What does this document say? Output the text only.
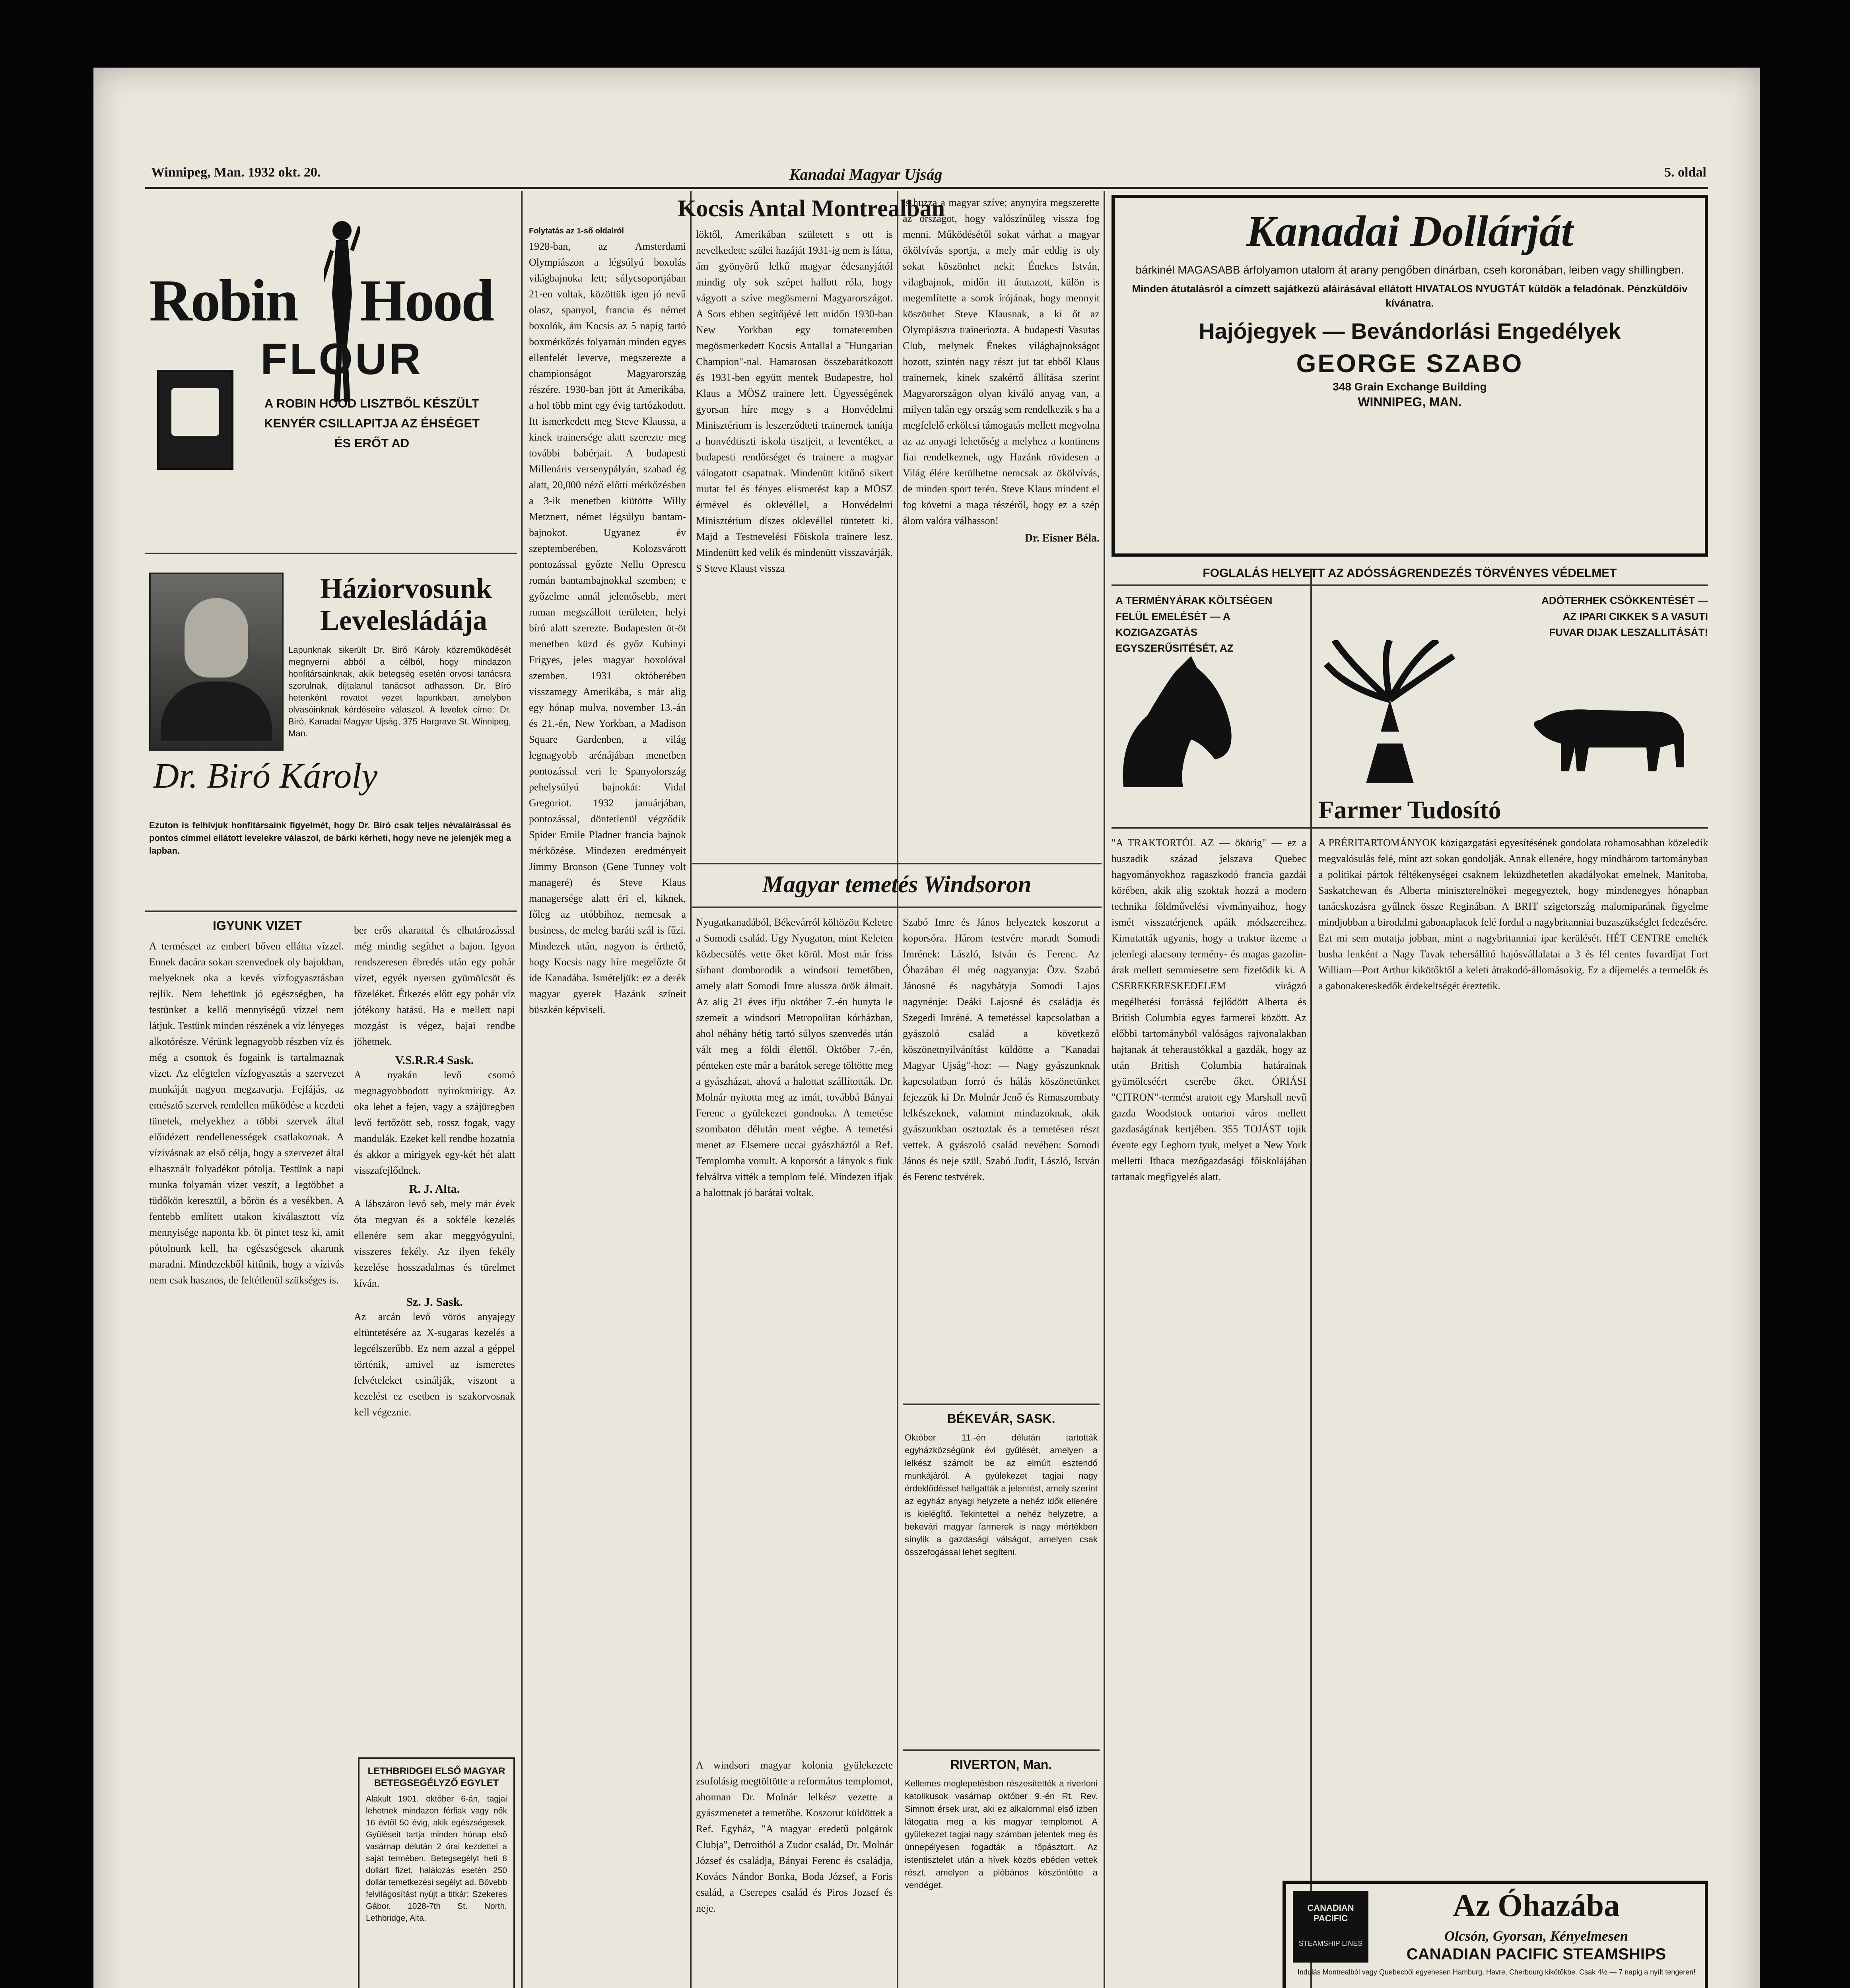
Winnipeg, Man. 1932 okt. 20.	Kanadai Magyar Ujság	5. oldal
Robin Hood
FLOUR
A ROBIN HOOD LISZTBŐL KÉSZÜLT
KENYÉR CSILLAPITJA AZ ÉHSÉGET
ÉS ERŐT AD
Háziorvosunk
Levelesládája

Lapunknak sikerült Dr. Biró Károly közreműködését megnyerni abból a célból, hogy mindazon honfitársainknak, akik betegség esetén orvosi tanácsra szorulnak, díjtalanul tanácsot adhasson. Dr. Bíró hetenként rovatot vezet lapunkban, amelyben olvasóinknak kérdéseire válaszol. A levelek címe: Dr. Biró, Kanadai Magyar Ujság, 375 Hargrave St. Winnipeg, Man.

Dr. Biró Károly

Ezuton is felhivjuk honfitársaink figyelmét, hogy Dr. Biró csak teljes névaláirással és pontos címmel ellátott levelekre válaszol, de bárki kérheti, hogy neve ne jelenjék meg a lapban.

IGYUNK VIZET

A természet az embert bőven ellátta vízzel. Ennek dacára sokan szenvednek oly bajokban, melyeknek oka a kevés vízfogyasztásban rejlik. Nem lehetünk jó egészségben, ha testünket a kellő mennyiségű vízzel nem látjuk. Testünk minden részének a víz lényeges alkotórésze. Vérünk legnagyobb részben víz és még a csontok és fogaink is tartalmaznak vizet. Az elégtelen vízfogyasztás a szervezet munkáját nagyon megzavarja. Fejfájás, az emésztő szervek rendellen működése a kezdeti tünetek, melyekhez a többi szervek által előidézett rendellenességek csatlakoznak. A vízivásnak az első célja, hogy a szervezet által elhasznált folyadékot pótolja. Testünk a napi munka folyamán vizet veszít, a legtöbbet a tüdőkön keresztül, a bőrön és a vesékben. A fentebb említett utakon kiválasztott víz mennyisége naponta kb. öt pintet tesz ki, amit pótolnunk kell, ha egészségesek akarunk maradni. Mindezekből kitűnik, hogy a vízivás nem csak hasznos, de feltétlenül szükséges is.

ber erős akarattal és elhatározással még mindig segíthet a bajon. Igyon rendszeresen ébredés után egy pohár vizet, egyék nyersen gyümölcsöt és főzeléket. Étkezés előtt egy pohár víz jótékony hatású. Ha e mellett napi mozgást is végez, bajai rendbe jöhetnek.

V.S.R.R.4 Sask.

A nyakán levő csomó megnagyobbodott nyirokmirigy. Az oka lehet a fejen, vagy a szájüregben levő fertőzött seb, rossz fogak, vagy mandulák. Ezeket kell rendbe hozatnia és akkor a mirigyek egy-két hét alatt visszafejlődnek.

R. J. Alta.

A lábszáron levő seb, mely már évek óta megvan és a sokféle kezelés ellenére sem akar meggyógyulni, visszeres fekély. Az ilyen fekély kezelése hosszadalmas és türelmet kíván.

Sz. J. Sask.

Az arcán levő vörös anyajegy eltüntetésére az X-sugaras kezelés a legcélszerűbb. Ez nem azzal a géppel történik, amivel az ismeretes felvételeket csinálják, viszont a kezelést ez esetben is szakorvosnak kell végeznie.

LETHBRIDGEI ELSŐ MAGYAR BETEGSEGÉLYZŐ EGYLET

Alakult 1901. október 6-án, tagjai lehetnek mindazon férfiak vagy nők 16 évtől 50 évig, akik egészségesek. Gyűléseit tartja minden hónap első vasárnap délután 2 órai kezdettel a saját termében. Betegsegélyt heti 8 dollárt fizet, halálozás esetén 250 dollár temetkezési segélyt ad. Bővebb felvilágosítást nyújt a titkár: Szekeres Gábor, 1028-7th St. North, Lethbridge, Alta.

Kocsis Antal Montrealban
Folytatás az 1-ső oldalról

1928-ban, az Amsterdami Olympiászon a légsúlyú boxolás világbajnoka lett; súlycsoportjában 21-en voltak, közöttük igen jó nevű olasz, spanyol, francia és német boxolók, ám Kocsis az 5 napig tartó boxmérkőzés folyamán minden egyes ellenfelét leverve, megszerezte a championságot Magyarország részére. 1930-ban jött át Amerikába, a hol több mint egy évig tartózkodott. Itt ismerkedett meg Steve Klaussa, a kinek trainersége alatt szerezte meg további babérjait. A budapesti Millenáris versenypályán, szabad ég alatt, 20,000 néző előtti mérkőzésben a 3-ik menetben kiütötte Willy Metznert, német légsúlyu bantam-bajnokot. Ugyanez év szeptemberében, Kolozsvárott pontozással győzte Nellu Oprescu román bantambajnokkal szemben; e győzelme annál jelentősebb, mert ruman megszállott területen, helyi bíró alatt szerezte. Budapesten öt-öt menetben küzd és győz Kubinyi Frigyes, jeles magyar boxolóval szemben. 1931 októberében visszamegy Amerikába, s már alig egy hónap mulva, november 13.-án és 21.-én, New Yorkban, a Madison Square Gardenben, a világ legnagyobb arénájában menetben pontozással veri le Spanyolország pehelysúlyú bajnokát: Vidal Gregoriot. 1932 januárjában, pontozással, döntetlenül végződik Spider Emile Pladner francia bajnok mérkőzése. Mindezen eredményeit Jimmy Bronson (Gene Tunney volt manageré) és Steve Klaus managersége alatt éri el, kiknek, főleg az utóbbihoz, nemcsak a business, de meleg baráti szál is fűzi. Mindezek után, nagyon is érthető, hogy Kocsis nagy híre megelőzte őt ide Kanadába. Ismételjük: ez a derék magyar gyerek Hazánk színeit büszkén képviseli.

löktől, Amerikában született s ott is nevelkedett; szülei hazáját 1931-ig nem is látta, ám gyönyörű lelkű magyar édesanyjától mindig oly sok szépet hallott róla, hogy vágyott a szíve megösmerni Magyarországot. A Sors ebben segítőjévé lett midőn 1930-ban New Yorkban egy tornateremben megösmerkedett Kocsis Antallal a "Hungarian Champion"-nal. Hamarosan összebarátkozott és 1931-ben együtt mentek Budapestre, hol Klaus a MÖSZ trainere lett. Ügyességének gyorsan híre megy s a Honvédelmi Minisztérium is leszerződteti trainernek tanítja a honvédtiszti iskola tisztjeit, a leventéket, a budapesti rendőrséget és trainere a magyar válogatott csapatnak. Mindenütt kitűnő sikert mutat fel és fényes elismerést kap a MÖSZ érmével és oklevéllel, a Honvédelmi Minisztérium díszes oklevéllel tüntetett ki. Majd a Testnevelési Főiskola trainere lesz. Mindenütt ked velik és mindenütt visszavárják. S Steve Klaust vissza

is huzza a magyar szíve; anynyira megszerette az országot, hogy valószínűleg vissza fog menni. Működésétől sokat várhat a magyar ökölvívás sportja, a mely már eddig is oly sokat köszönhet neki; Énekes István, vilagbajnok, midőn itt átutazott, külön is megemlítette a sorok írójának, hogy mennyit köszönhet Steve Klausnak, a ki őt az Olympiászra traineriozta. A budapesti Vasutas Club, melynek Énekes világbajnokságot hozott, szintén nagy részt jut tat ebből Klaus trainernek, kinek szakértő állítása szerint Magyarországon olyan kiváló anyag van, a milyen talán egy ország sem rendelkezik s ha a megfelelő erkölcsi támogatás mellett megvolna az az anyagi lehetőség a melyhez a kontinens fiai rendelkeznek, ugy Hazánk rövidesen a Világ élére kerülhetne nemcsak az ökölvívás, de minden sport terén. Steve Klaus mindent el fog követni a maga részéről, hogy ez a szép álom valóra válhasson!

Dr. Eisner Béla.
Magyar temetés Windsoron

Nyugatkanadából, Békevárról költözött Keletre a Somodi család. Ugy Nyugaton, mint Keleten közbecsülés vette őket körül. Most már friss sírhant domborodik a windsori temetőben, amely alatt Somodi Imre alussza örök álmait. Az alig 21 éves ifju október 7.-én hunyta le szemeit a windsori Metropolitan kórházban, ahol néhány hétig tartó súlyos szenvedés után vált meg a földi élettől. Október 7.-én, pénteken este már a barátok serege töltötte meg a gyászházat, ahová a halottat szállították. Dr. Molnár nyitotta meg az imát, továbbá Bányai Ferenc a gyülekezet gondnoka. A temetése szombaton délután ment végbe. A temetési menet az Elsemere uccai gyászháztól a Ref. Templomba vonult. A koporsót a lányok s fiuk felváltva vitték a templom felé. Mindezen ifjak a halottnak jó barátai voltak.

Szabó Imre és János helyeztek koszorut a koporsóra. Három testvére maradt Somodi Imrének: László, István és Ferenc. Az Óhazában él még nagyanyja: Özv. Szabó Jánosné és nagybátyja Somodi Lajos nagynénje: Deáki Lajosné és családja és Szegedi Imréné. A temetéssel kapcsolatban a gyászoló család a következő köszönetnyilvánítást küldötte a "Kanadai Magyar Ujság"-hoz: — Nagy gyászunknak kapcsolatban forró és hálás köszönetünket fejezzük ki Dr. Molnár Jenő és Rimaszombaty lelkészeknek, valamint mindazoknak, akik gyászunkban osztoztak és a temetésen részt vettek. A gyászoló család nevében: Somodi János és neje szül. Szabó Judit, László, István és Ferenc testvérek.

BÉKEVÁR, SASK.

Október 11.-én délután tartották egyházközségünk évi gyűlését, amelyen a lelkész számolt be az elmúlt esztendő munkájáról. A gyülekezet tagjai nagy érdeklődéssel hallgatták a jelentést, amely szerint az egyház anyagi helyzete a nehéz idők ellenére is kielégítő. Tekintettel a nehéz helyzetre, a bekevári magyar farmerek is nagy mértékben sínylik a gazdasági válságot, amelyen csak összefogással lehet segíteni.

RIVERTON, Man.

Kellemes meglepetésben részesítették a riverloni katolikusok vasárnap október 9.-én Rt. Rev. Simnott érsek urat, aki ez alkalommal első izben látogatta meg a kis magyar templomot. A gyülekezet tagjai nagy számban jelentek meg és ünnepélyesen fogadták a főpásztort. Az istentisztelet után a hívek közös ebéden vettek részt, amelyen a plébános köszöntötte a vendéget.

A windsori magyar kolonia gyülekezete zsufolásig megtöltötte a református templomot, ahonnan Dr. Molnár lelkész vezette a gyászmenetet a temetőbe. Koszorut küldöttek a Ref. Egyház, "A magyar eredetű polgárok Clubja", Detroitból a Zudor család, Dr. Molnár József és családja, Bányai Ferenc és családja, Kovács Nándor Bonka, Boda József, a Foris család, a Cserepes család és Piros Jozsef és neje.

Kanadai Dollárját

bárkinél MAGASABB árfolyamon utalom át arany pengőben dinárban, cseh koronában, leiben vagy shillingben.

Minden átutalásról a címzett sajátkezü aláirásával ellátott HIVATALOS NYUGTÁT küldök a feladónak. Pénzküldőiv kívánatra.

Hajójegyek — Bevándorlási Engedélyek
GEORGE SZABO
348 Grain Exchange Building
WINNIPEG, MAN.
FOGLALÁS HELYETT AZ ADÓSSÁGRENDEZÉS TÖRVÉNYES VÉDELMET
A TERMÉNYÁRAK KÖLTSÉGEN FELÜL EMELÉSÉT — A KOZIGAZGATÁS EGYSZERŰSITÉSÉT, AZ
ADÓTERHEK CSÖKKENTÉSÉT — AZ IPARI CIKKEK S A VASUTI FUVAR DIJAK LESZALLITÁSÁT!
Farmer Tudosító

"A TRAKTORTÓL AZ — ökörig" — ez a huszadik század jelszava Quebec hagyományokhoz ragaszkodó francia gazdái körében, akik alig szoktak hozzá a modern technika földművelési vívmányaihoz, hogy ismét visszatérjenek apáik módszereihez. Kimutatták ugyanis, hogy a traktor üzeme a jelenlegi alacsony termény- és magas gazolin-árak mellett semmiesetre sem fizetődik ki. A CSEREKERESKEDELEM virágzó megélhetési forrássá fejlődött Alberta és British Columbia egyes farmerei között. Az előbbi tartományból valóságos rajvonalakban hajtanak át teheraustókkal a gazdák, hogy az után British Columbia határainak gyümölcséért cserébe őket. ÓRIÁSI "CITRON"-termést aratott egy Marshall nevű gazda Woodstock ontarioi város mellett gazdaságának kertjében. 355 TOJÁST tojik évente egy Leghorn tyuk, melyet a New York melletti Ithaca mezőgazdasági főiskolájában tartanak megfigyelés alatt.

A PRÉRITARTOMÁNYOK közigazgatási egyesítésének gondolata rohamosabban közeledik megvalósulás felé, mint azt sokan gondolják. Annak ellenére, hogy mindhárom tartományban a politikai pártok féltékenységei csaknem leküzdhetetlen akadályokat emelnek, Manitoba, Saskatchewan és Alberta miniszterelnökei megegyeztek, hogy mindenegyes hónapban tanácskozásra gyűlnek össze Reginában. A BRIT szigetország malomiparának figyelme mindjobban a birodalmi gabonaplacok felé fordul a nagybritanniai buzaszükséglet fedezésére. Ezt mi sem mutatja jobban, mint a nagybritanniai ipar kerülését. HÉT CENTRE emelték busha lenként a Nagy Tavak tehersállító hajósvállalatai a 3 és fél centes fuvardíjat Fort William—Port Arthur kikötőktől a keleti átrakodó-állomásokig. Ez a díjemelés a termelők és a gabonakereskedők érdekeltségét éreztetik.

CANADIAN PACIFIC
STEAMSHIP LINES
Az Óhazába
Olcsón, Gyorsan, Kényelmesen
CANADIAN PACIFIC STEAMSHIPS

Indulás Montrealból vagy Quebecből egyenesen Hamburg, Havre, Cherbourg kikötőkbe. Csak 4½ — 7 napig a nyílt tengeren!
